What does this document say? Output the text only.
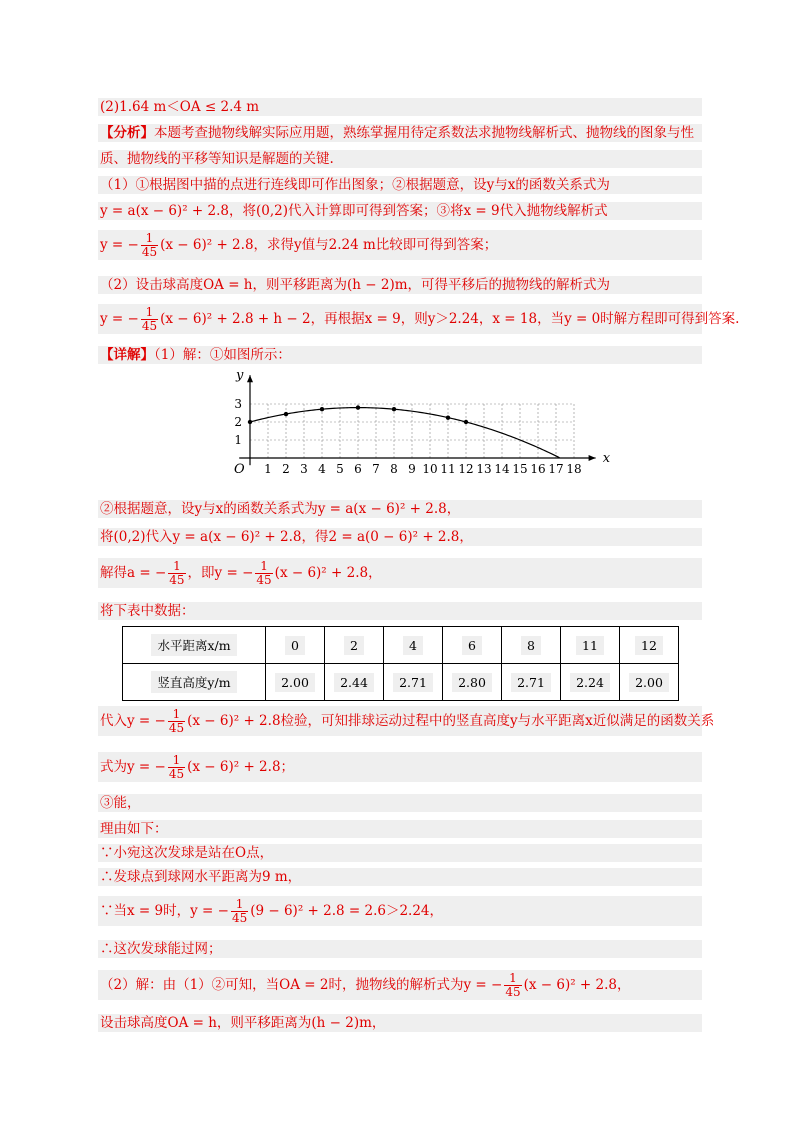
(2)1.64 m＜OA ≤ 2.4 m
【分析】本题考查抛物线解实际应用题，熟练掌握用待定系数法求抛物线解析式、抛物线的图象与性
质、抛物线的平移等知识是解题的关键.
（1）①根据图中描的点进行连线即可作出图象；②根据题意，设y与x的函数关系式为
y = a(x − 6)² + 2.8，将(0,2)代入计算即可得到答案；③将x = 9代入抛物线解析式
y = − $\frac{1}{45} (x - 6)^2 + 2.8$，求得y值与2.24 m比较即可得到答案；
（2）设击球高度OA = h，则平移距离为(h − 2)m，可得平移后的抛物线的解析式为
y = − $\frac{1}{45} (x - 6)^2 + 2.8 + h - 2$，再根据x = 9，则y＞2.24，x = 18，当y = 0时解方程即可得到答案.
【详解】（1）解：①如图所示：
x
y
O 1 2 3 4 5 6 7 8 9 10 11 12 13 14 15 16 17 18
1
2
3
②根据题意，设y与x的函数关系式为y = a(x − 6)² + 2.8，
将(0,2)代入y = a(x − 6)² + 2.8，得2 = a(0 − 6)² + 2.8，
解得a = − $\frac{1}{45}$ ，即y = − $\frac{1}{45} (x - 6)^2 + 2.8$，
将下表中数据：
水平距离x/m	0	2	4	6	8	11	12
竖直高度y/m	2.00	2.44	2.71	2.80	2.71	2.24	2.00
代入y = − $\frac{1}{45} (x - 6)^2 + 2.8$检验，可知排球运动过程中的竖直高度y与水平距离x近似满足的函数关系
式为y = − $\frac{1}{45} (x - 6)^2 + 2.8$；
③能，
理由如下：
∵小宛这次发球是站在O点，
∴发球点到球网水平距离为9 m，
∵当x = 9时，y = − $\frac{1}{45} (9 - 6)^2 + 2.8 = 2.6>2.24$，
∴这次发球能过网；
（2）解：由（1）②可知，当OA = 2时，抛物线的解析式为y = − $\frac{1}{45} (x - 6)^2 + 2.8$，
设击球高度OA = h，则平移距离为(h − 2)m，
